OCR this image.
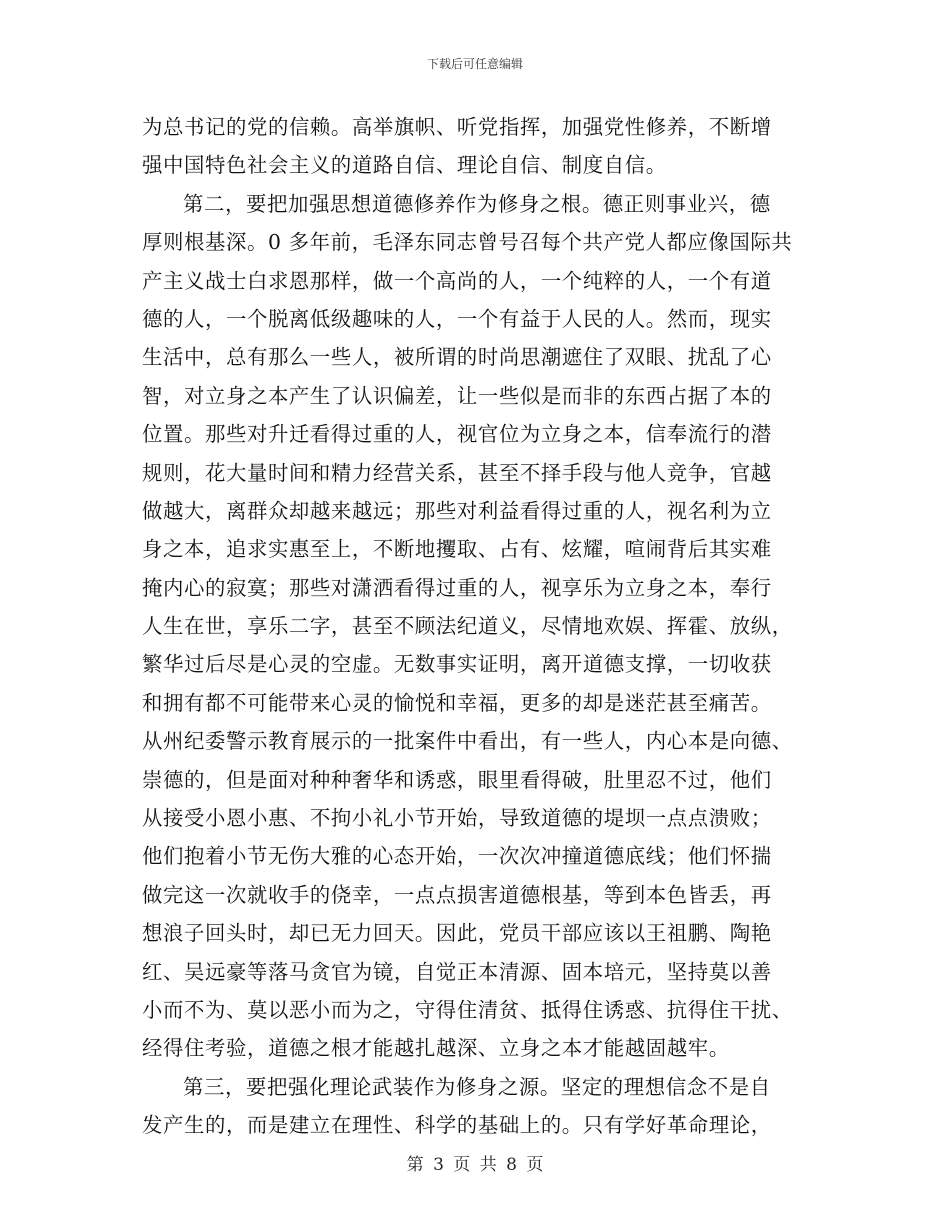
下载后可任意编辑
为总书记的党的信赖。高举旗帜、听党指挥，加强党性修养，不断增
强中国特色社会主义的道路自信、理论自信、制度自信。
第二，要把加强思想道德修养作为修身之根。德正则事业兴，德
厚则根基深。0 多年前，毛泽东同志曾号召每个共产党人都应像国际共
产主义战士白求恩那样，做一个高尚的人，一个纯粹的人，一个有道
德的人，一个脱离低级趣味的人，一个有益于人民的人。然而，现实
生活中，总有那么一些人，被所谓的时尚思潮遮住了双眼、扰乱了心
智，对立身之本产生了认识偏差，让一些似是而非的东西占据了本的
位置。那些对升迁看得过重的人，视官位为立身之本，信奉流行的潜
规则，花大量时间和精力经营关系，甚至不择手段与他人竞争，官越
做越大，离群众却越来越远；那些对利益看得过重的人，视名利为立
身之本，追求实惠至上，不断地攫取、占有、炫耀，喧闹背后其实难
掩内心的寂寞；那些对潇洒看得过重的人，视享乐为立身之本，奉行
人生在世，享乐二字，甚至不顾法纪道义，尽情地欢娱、挥霍、放纵，
繁华过后尽是心灵的空虚。无数事实证明，离开道德支撑，一切收获
和拥有都不可能带来心灵的愉悦和幸福，更多的却是迷茫甚至痛苦。
从州纪委警示教育展示的一批案件中看出，有一些人，内心本是向德、
崇德的，但是面对种种奢华和诱惑，眼里看得破，肚里忍不过，他们
从接受小恩小惠、不拘小礼小节开始，导致道德的堤坝一点点溃败；
他们抱着小节无伤大雅的心态开始，一次次冲撞道德底线；他们怀揣
做完这一次就收手的侥幸，一点点损害道德根基，等到本色皆丢，再
想浪子回头时，却已无力回天。因此，党员干部应该以王祖鹏、陶艳
红、吴远豪等落马贪官为镜，自觉正本清源、固本培元，坚持莫以善
小而不为、莫以恶小而为之，守得住清贫、抵得住诱惑、抗得住干扰、
经得住考验，道德之根才能越扎越深、立身之本才能越固越牢。
第三，要把强化理论武装作为修身之源。坚定的理想信念不是自
发产生的，而是建立在理性、科学的基础上的。只有学好革命理论，
第 3 页 共 8 页
